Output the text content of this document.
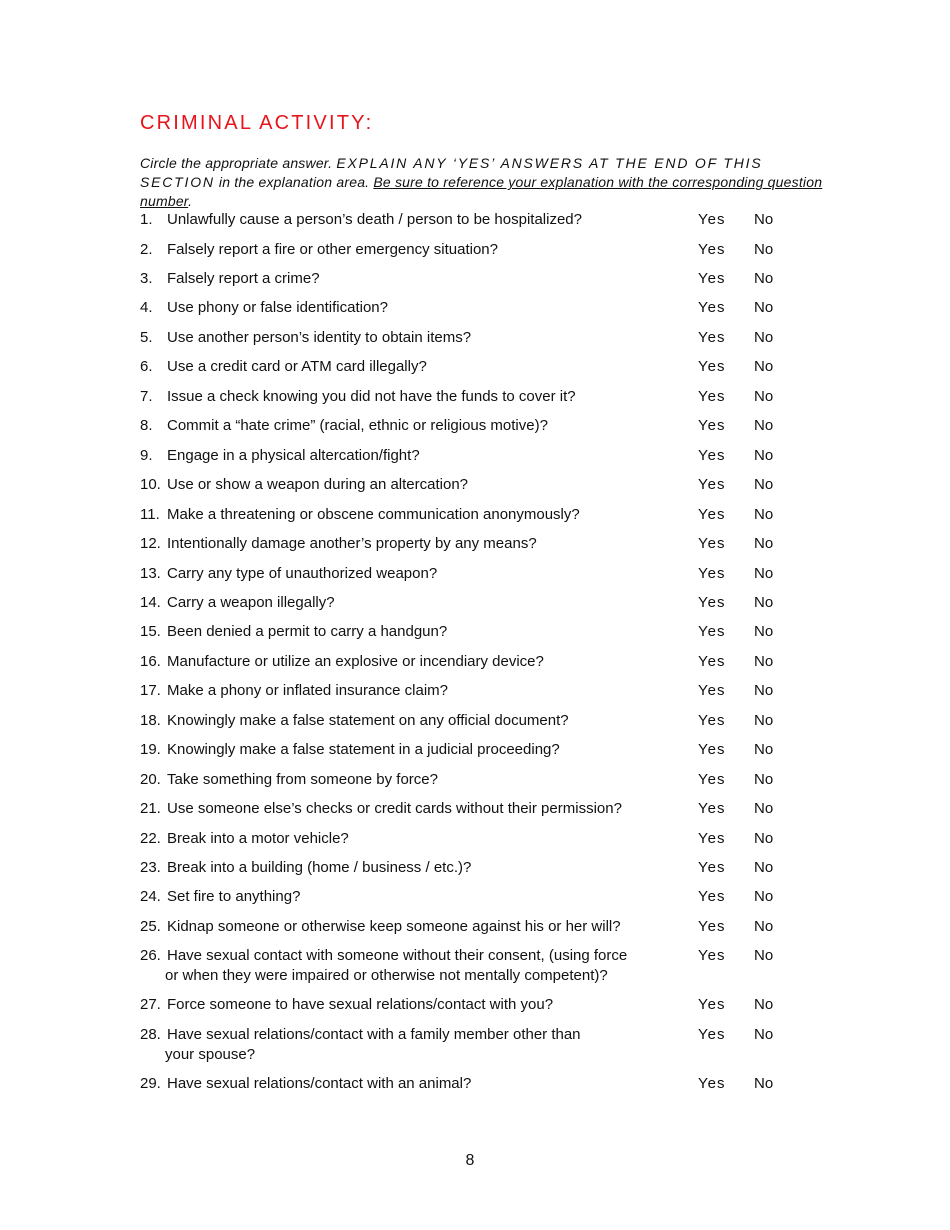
CRIMINAL ACTIVITY:
Circle the appropriate answer. EXPLAIN ANY ‘YES’ ANSWERS AT THE END OF THIS SECTION in the explanation area. Be sure to reference your explanation with the corresponding question number.
1. Unlawfully cause a person’s death / person to be hospitalized?	Yes No
2. Falsely report a fire or other emergency situation?	Yes No
3. Falsely report a crime?	Yes No
4. Use phony or false identification?	Yes No
5. Use another person’s identity to obtain items?	Yes No
6. Use a credit card or ATM card illegally?	Yes No
7. Issue a check knowing you did not have the funds to cover it?	Yes No
8. Commit a “hate crime” (racial, ethnic or religious motive)?	Yes No
9. Engage in a physical altercation/fight?	Yes No
10. Use or show a weapon during an altercation?	Yes No
11. Make a threatening or obscene communication anonymously?	Yes No
12. Intentionally damage another’s property by any means?	Yes No
13. Carry any type of unauthorized weapon?	Yes No
14. Carry a weapon illegally?	Yes No
15. Been denied a permit to carry a handgun?	Yes No
16. Manufacture or utilize an explosive or incendiary device?	Yes No
17. Make a phony or inflated insurance claim?	Yes No
18. Knowingly make a false statement on any official document?	Yes No
19. Knowingly make a false statement in a judicial proceeding?	Yes No
20. Take something from someone by force?	Yes No
21. Use someone else’s checks or credit cards without their permission?	Yes No
22. Break into a motor vehicle?	Yes No
23. Break into a building (home / business / etc.)?	Yes No
24. Set fire to anything?	Yes No
25. Kidnap someone or otherwise keep someone against his or her will?	Yes No
26. Have sexual contact with someone without their consent, (using force
or when they were impaired or otherwise not mentally competent)?
Yes No
27. Force someone to have sexual relations/contact with you?	Yes No
28. Have sexual relations/contact with a family member other than
your spouse?
Yes No
29. Have sexual relations/contact with an animal?	Yes No
8
